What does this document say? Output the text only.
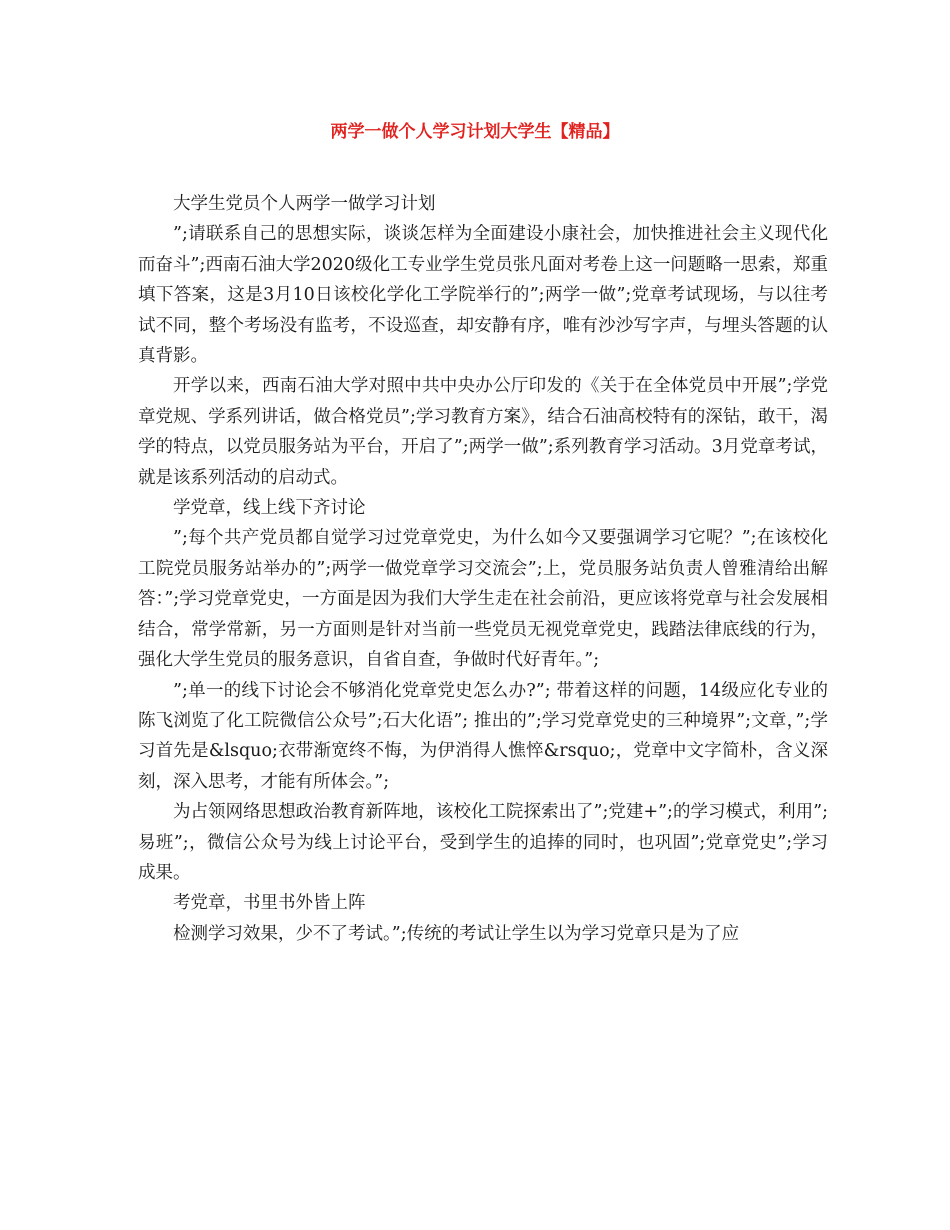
两学一做个人学习计划大学生【精品】

大学生党员个人两学一做学习计划

”;请联系自己的思想实际，谈谈怎样为全面建设小康社会，加快推进社会主义现代化而奋斗”;西南石油大学2020级化工专业学生党员张凡面对考卷上这一问题略一思索，郑重填下答案，这是3月10日该校化学化工学院举行的”;两学一做”;党章考试现场，与以往考试不同，整个考场没有监考，不设巡查，却安静有序，唯有沙沙写字声，与埋头答题的认真背影。

开学以来，西南石油大学对照中共中央办公厅印发的《关于在全体党员中开展”;学党章党规、学系列讲话，做合格党员”;学习教育方案》，结合石油高校特有的深钻，敢干，渴学的特点，以党员服务站为平台，开启了”;两学一做”;系列教育学习活动。3月党章考试，就是该系列活动的启动式。

学党章，线上线下齐讨论

”;每个共产党员都自觉学习过党章党史，为什么如今又要强调学习它呢？”;在该校化工院党员服务站举办的”;两学一做党章学习交流会”;上，党员服务站负责人曾雅清给出解答：”;学习党章党史，一方面是因为我们大学生走在社会前沿，更应该将党章与社会发展相结合，常学常新，另一方面则是针对当前一些党员无视党章党史，践踏法律底线的行为，强化大学生党员的服务意识，自省自查，争做时代好青年。”;

”;单一的线下讨论会不够消化党章党史怎么办?”; 带着这样的问题，14级应化专业的陈飞浏览了化工院微信公众号”;石大化语”; 推出的”;学习党章党史的三种境界”;文章，”;学习首先是&lsquo;衣带渐宽终不悔，为伊消得人憔悴&rsquo;，党章中文字简朴，含义深刻，深入思考，才能有所体会。”;

为占领网络思想政治教育新阵地，该校化工院探索出了”;党建+”;的学习模式，利用”;易班”;，微信公众号为线上讨论平台，受到学生的追捧的同时，也巩固”;党章党史”;学习成果。

考党章，书里书外皆上阵

检测学习效果，少不了考试。”;传统的考试让学生以为学习党章只是为了应
